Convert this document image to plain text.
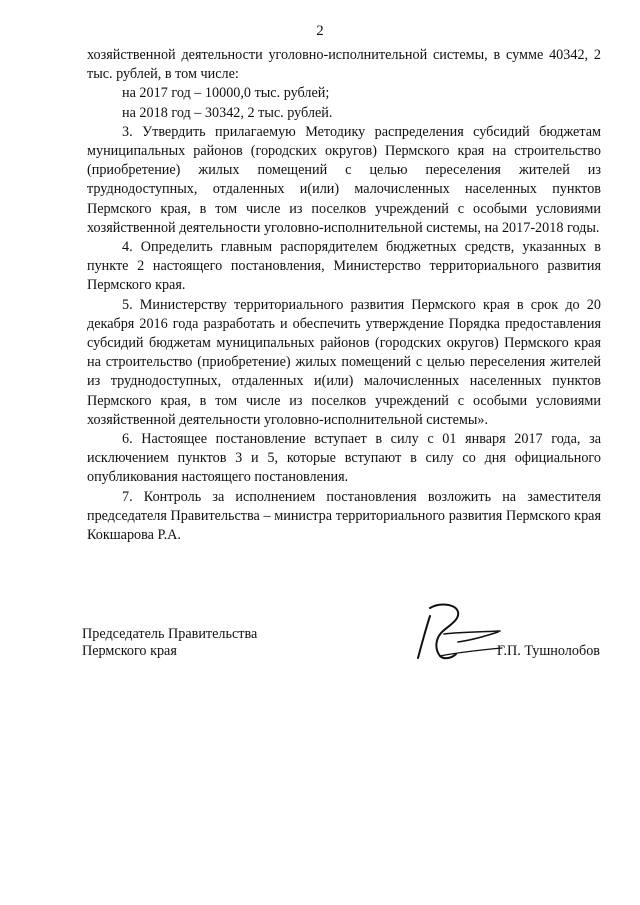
2

хозяйственной деятельности уголовно-исполнительной системы, в сумме 40342, 2 тыс. рублей, в том числе:

на 2017 год – 10000,0 тыс. рублей;

на 2018 год – 30342, 2 тыс. рублей.

3. Утвердить прилагаемую Методику распределения субсидий бюджетам муниципальных районов (городских округов) Пермского края на строительство (приобретение) жилых помещений с целью переселения жителей из труднодоступных, отдаленных и(или) малочисленных населенных пунктов Пермского края, в том числе из поселков учреждений с особыми условиями хозяйственной деятельности уголовно-исполнительной системы, на 2017-2018 годы.

4. Определить главным распорядителем бюджетных средств, указанных в пункте 2 настоящего постановления, Министерство территориального развития Пермского края.

5. Министерству территориального развития Пермского края в срок до 20 декабря 2016 года разработать и обеспечить утверждение Порядка предоставления субсидий бюджетам муниципальных районов (городских округов) Пермского края на строительство (приобретение) жилых помещений с целью переселения жителей из труднодоступных, отдаленных и(или) малочисленных населенных пунктов Пермского края, в том числе из поселков учреждений с особыми условиями хозяйственной деятельности уголовно-исполнительной системы».

6. Настоящее постановление вступает в силу с 01 января 2017 года, за исключением пунктов 3 и 5, которые вступают в силу со дня официального опубликования настоящего постановления.

7. Контроль за исполнением постановления возложить на заместителя председателя Правительства – министра территориального развития Пермского края Кокшарова Р.А.

Председатель Правительства
Пермского края	Г.П. Тушнолобов
